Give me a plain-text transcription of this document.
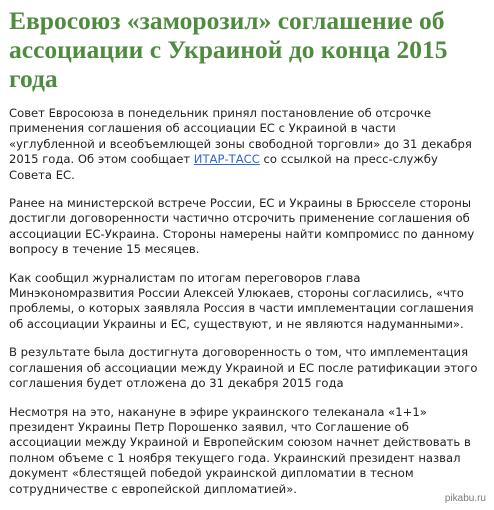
Евросоюз «заморозил» соглашение об ассоциации с Украиной до конца 2015 года

Совет Евросоюза в понедельник принял постановление об отсрочке применения соглашения об ассоциации ЕС с Украиной в части «углубленной и всеобъемлющей зоны свободной торговли» до 31 декабря 2015 года. Об этом сообщает ИТАР-ТАСС со ссылкой на пресс-службу Совета ЕС.

Ранее на министерской встрече России, ЕС и Украины в Брюсселе стороны достигли договоренности частично отсрочить применение соглашения об ассоциации ЕС-Украина. Стороны намерены найти компромисс по данному вопросу в течение 15 месяцев.

Как сообщил журналистам по итогам переговоров глава Минэкономразвития России Алексей Улюкаев, стороны согласились, «что проблемы, о которых заявляла Россия в части имплементации соглашения об ассоциации Украины и ЕС, существуют, и не являются надуманными».

В результате была достигнута договоренность о том, что имплементация соглашения об ассоциации между Украиной и ЕС после ратификации этого соглашения будет отложена до 31 декабря 2015 года

Несмотря на это, накануне в эфире украинского телеканала «1+1» президент Украины Петр Порошенко заявил, что Соглашение об ассоциации между Украиной и Европейским союзом начнет действовать в полном объеме с 1 ноября текущего года. Украинский президент назвал документ «блестящей победой украинской дипломатии в тесном сотрудничестве с европейской дипломатией».

pikabu.ru
